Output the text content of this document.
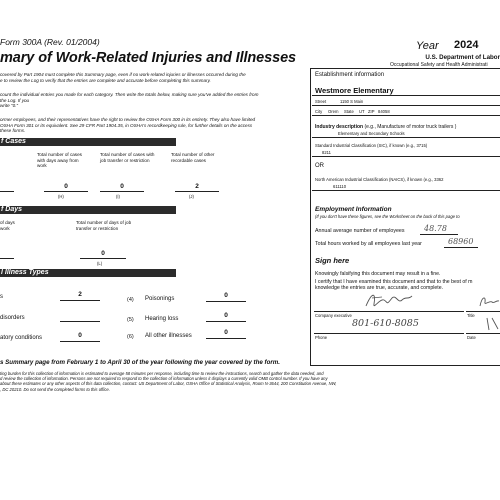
Form 300A (Rev. 01/2004)
mary of Work-Related Injuries and Illnesses
Year 2024
U.S. Department of Labor
Occupational Safety and Health Administrati
covered by Part 1904 must complete this Summary page, even if no work-related injuries or illnesses occurred during the
e to review the Log to verify that the entries are complete and accurate before completing this summary.
count the individual entries you made for each category. Then write the totals below, making sure you've added the entries from
the Log. If you
write "0."
ormer employees, and their representatives have the right to review the OSHA Form 300 in its entirety. They also have limited
OSHA Form 301 or its equivalent. See 29 CFR Part 1904.35, in OSHA's recordkeeping rule, for further details on the access
these forms.
f Cases
Total number of cases with days away from work
Total number of cases with job transfer or restriction
Total number of other recordable cases
0	0	2
(H)	(I)	(J)
f Days
of days
work
Total number of days of job transfer or restriction
0
(L)
l Illness Types
s	2
disorders
atory conditions	0
(4) Poisonings	0
(5) Hearing loss	0
(6) All other illnesses	0
s Summary page from February 1 to April 30 of the year following the year covered by the form.
ting burden for this collection of information is estimated to average 58 minutes per response, including time to review the instructions, search and gather the data needed, and
d review the collection of information. Persons are not required to respond to the collection of information unless it displays a currently valid OMB control number. If you have any
about these estimates or any other aspects of this data collection, contact: US Department of Labor, OSHA Office of Statistical Analysis, Room N-3644, 200 Constitution Avenue, NW,
, DC 20210. Do not send the completed forms to this office.
Establishment information
Westmore Elementary
Street	1150 S Main
City Orem State UT ZIP 84058
Industry description (e.g., Manufacture of motor truck trailers )
Elementary and Secondary Schools
Standard Industrial Classification (SIC), if known (e.g., 3715)
8211
OR
North American Industrial Classification (NAICS), if known (e.g., 3362
611110
Employment Information
(If you don't have these figures, see the Worksheet on the back of this page to
Annual average number of employees 48.78
Total hours worked by all employees last year	68960
Sign here
Knowingly falsifying this document may result in a fine.
I certify that I have examined this document and that to the best of m
knowledge the entries are true, accurate, and complete.
Company executive	Title
801-610-8085
Phone	Date
